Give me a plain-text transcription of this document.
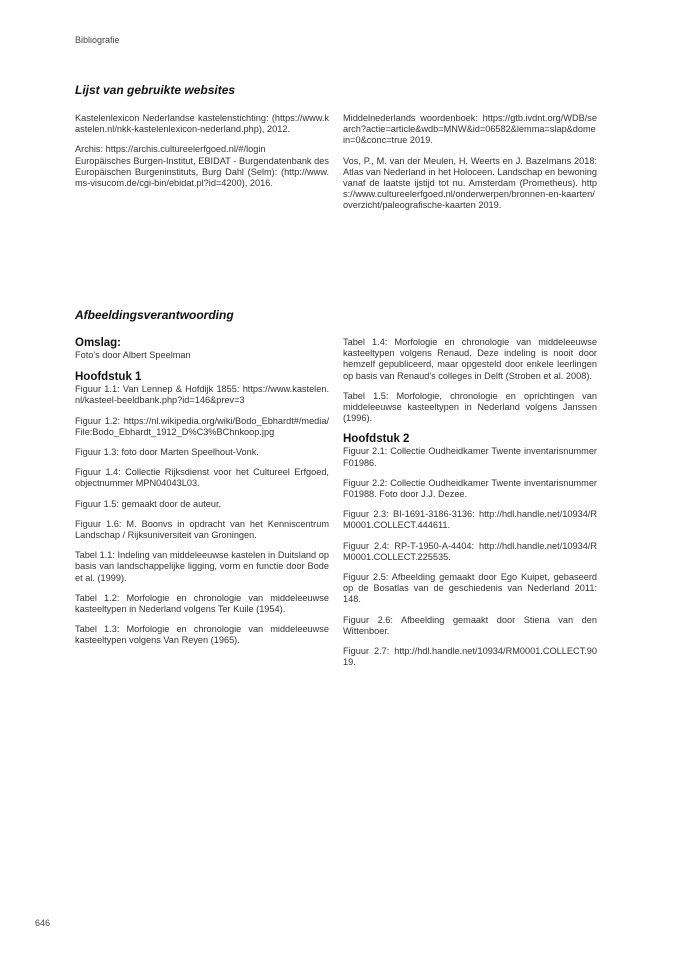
Bibliografie
Lijst van gebruikte websites

Kastelenlexicon Nederlandse kastelenstichting: (https://www.kastelen.nl/nkk-kastelenlexicon-nederland.php), 2012.

Archis: https://archis.cultureelerfgoed.nl/#/login

Europäisches Burgen-Institut, EBIDAT - Burgendatenbank des Europäischen Burgeninstituts, Burg Dahl (Selm): (http://www.ms-visucom.de/cgi-bin/ebidat.pl?id=4200), 2016.

Middelnederlands woordenboek: https://gtb.ivdnt.org/WDB/search?actie=article&wdb=MNW&id=06582&lemma=slap&domein=0&conc=true 2019.

Vos, P., M. van der Meulen, H. Weerts en J. Bazelmans 2018: Atlas van Nederland in het Holoceen. Landschap en bewoning vanaf de laatste ijstijd tot nu. Amsterdam (Prometheus). https://www.cultureelerfgoed.nl/onderwerpen/bronnen-en-kaarten/overzicht/paleografische-kaarten 2019.

Afbeeldingsverantwoording
Omslag:

Foto's door Albert Speelman

Hoofdstuk 1

Figuur 1.1: Van Lennep & Hofdijk 1855: https://www.kastelen.nl/kasteel-beeldbank.php?id=146&prev=3

Figuur 1.2: https://nl.wikipedia.org/wiki/Bodo_Ebhardt#/media/File:Bodo_Ebhardt_1912_D%C3%BChnkoop.jpg

Figuur 1.3: foto door Marten Speelhout-Vonk.

Figuur 1.4: Collectie Rijksdienst voor het Cultureel Erfgoed, objectnummer MPN04043L03.

Figuur 1.5: gemaakt door de auteur.

Figuur 1.6: M. Boonvs in opdracht van het Kenniscentrum Landschap / Rijksuniversiteit van Groningen.

Tabel 1.1: Indeling van middeleeuwse kastelen in Duitsland op basis van landschappelijke ligging, vorm en functie door Bode et al. (1999).

Tabel 1.2: Morfologie en chronologie van middeleeuwse kasteeltypen in Nederland volgens Ter Kuile (1954).

Tabel 1.3: Morfologie en chronologie van middeleeuwse kasteeltypen volgens Van Reyen (1965).

Tabel 1.4: Morfologie en chronologie van middeleeuwse kasteeltypen volgens Renaud. Deze indeling is nooit door hemzelf gepubliceerd, maar opgesteld door enkele leerlingen op basis van Renaud's colleges in Delft (Stroben et al. 2008).

Tabel 1.5: Morfologie, chronologie en oprichtingen van middeleeuwse kasteeltypen in Nederland volgens Janssen (1996).

Hoofdstuk 2

Figuur 2.1: Collectie Oudheidkamer Twente inventarisnummer F01986.

Figuur 2.2: Collectie Oudheidkamer Twente inventarisnummer F01988. Foto door J.J. Dezee.

Figuur 2.3: BI-1691-3186-3136: http://hdl.handle.net/10934/RM0001.COLLECT.444611.

Figuur 2.4: RP-T-1950-A-4404: http://hdl.handle.net/10934/RM0001.COLLECT.225535.

Figuur 2.5: Afbeelding gemaakt door Ego Kuipet, gebaseerd op de Bosatlas van de geschiedenis van Nederland 2011: 148.

Figuur 2.6: Afbeelding gemaakt door Stiena van den Wittenboer.

Figuur 2.7: http://hdl.handle.net/10934/RM0001.COLLECT.9019.

646
